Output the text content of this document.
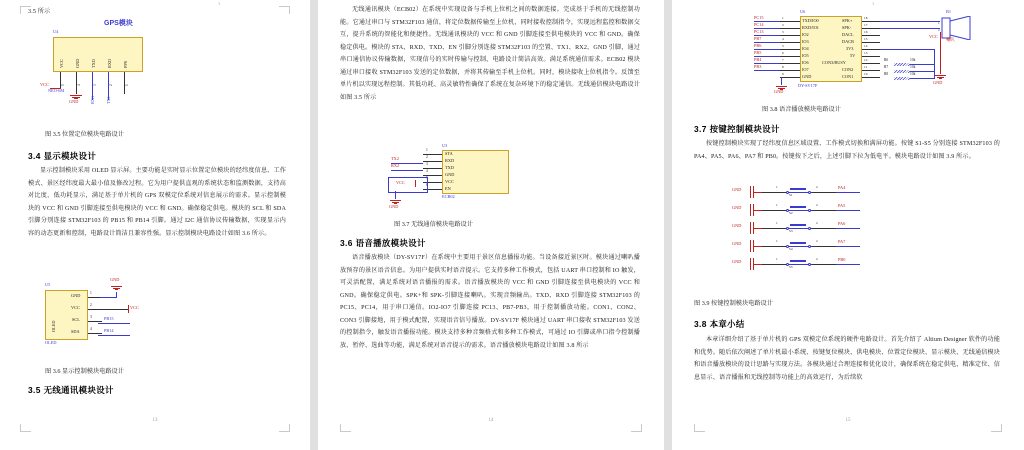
3

3.5 所示

GPS模块
U4
VCC	GND	TXD	RXD	PPS
5	4	3	2	1
VCC
NEO-6M
GND	RX1	TX1

图 3.5 位置定位模块电路设计

3.4 显示模块设计

显示控制模块采用 OLED 显示屏。主要功能是实时显示位置定位模块的经纬度信息、工作模式、景区经纬度最大最小值及修改过程。它为用户提供直观的系统状态和监测数据，支持高对比度、低功耗显示，满足基于单片机的 GPS 双模定位系统对信息展示的需求。显示控制模块的 VCC 和 GND 引脚连接至供电模块的 VCC 和 GND。确保稳定供电。模块的 SCL 和 SDA 引脚分别连接 STM32F103 的 PB15 和 PB14 引脚。通过 I2C 通信协议传输数据，实现显示内容的动态更新和控制，电路设计简洁且兼容性强。显示控制模块电路设计如图 3.6 所示。

U5
OLED
OLED
GND
VCC
SCL
SDA
1
2
3
4
GND
VCC
PB15
PB14

图 3.6 显示控制模块电路设计

3.5 无线通讯模块设计
13
3

无线通讯模块（ECB02）在系统中实现设备与手机上位机之间的数据连接。完成基于手机的无线控制功能。它通过串口与 STM32F103 通信，将定位数据传输至上位机，同时接收控制指令，实现远程监控和数据交互，提升系统的智能化和便捷性。无线通讯模块的 VCC 和 GND 引脚连接至供电模块的 VCC 和 GND。确保稳定供电。模块的 STA、RXD、TXD、EN 引脚分别连接 STM32F103 的空置、TX1、RX2、GND 引脚，通过串口通信协议传输数据，实现信号的实时传输与控制，电路设计简洁高效。满足系统通信需求。ECB02 模块通过串口接收 STM32F103 发送的定位数据，并将其传输至手机上位机。同时，模块接收上位机指令。反馈至单片机以实现远程控制。其低功耗、高灵敏特性确保了系统在复杂环境下的稳定通信。无线通信模块电路设计如图 3.5 所示

U3
ECB02
STA
RXD
TXD
GND
VCC
EN
1
2
3
4
5
6
TX2
RX2
VCC
GND

图 3.7 无线通信模块电路设计

3.6 语音播放模块设计

语音播放模块（DY-SV17F）在系统中主要用于景区信息播报功能。当设备接近景区时。模块通过喇叭播放预存的景区语音信息。为用户提供实时语音提示。它支持多种工作模式，包括 UART 串口控制和 IO 触发，可灵活配置，满足系统对语音播报的需求。语音播放模块的 VCC 和 GND 引脚连接至供电模块的 VCC 和 GND。确保稳定供电。SPK+和 SPK-引脚连接喇叭。实现音频输出。TXD、RXD 引脚连接 STM32F103 的 PC15、PC14，用于串口通信。IO2-IO7 引脚连接 PC13、PB7-PB3，用于控制播放功能。CON1、CON2、CON3 引脚接地，用于模式配置，实现语音信号播放。DY-SV17F 模块通过 UART 串口接收 STM32F103 发送的控制指令，触发语音播报功能。模块支持多种音频格式和多种工作模式，可通过 IO 引脚或串口指令控制播放、暂停、选曲等功能，满足系统对语音提示的需求。语音播放模块电路设计如图 3.8 所示

14
3
U6
DY-SV17F
TXD/IO0
RXD/IO1
IO2
IO3
IO4
IO5
IO6
IO7
GND
SPK+
SPK-
DACL
DACR
3V3
5V
CON3/BUSY
CON2
CON1
PC15
PC14
PC13
PB7
PB6
PB5
PB4
PB3
1
2
3
4
5
6
7
8
9
GND
18
17
16
15
14
13
12
11
10
R6	10k
R7	10k
R8	10k
VCC
GND
B1
1
2
喇叭

图 3.8 语音播放模块电路设计

3.7 按键控制模块设计

按键控制模块实现了经纬度信息区域设置、工作模式切换和满屏功能。按键 S1-S5 分别连接 STM32F103 的 PA4、PA5、PA6、PA7 和 PB0。按键按下之后，上述引脚下拉为低电平。模块电路设计如图 3.9 所示。

GND	1	2	PA4
S1
GND	1	2	PA5
S2
GND	1	2	PA6
S3
GND	1	2	PA7
S4
GND	1	2	PB0
S5

图 3.9 按键控制模块电路设计

3.8 本章小结

本章详细介绍了基于单片机的 GPS 双模定位系统的硬件电路设计。首先介绍了 Altium Designer 软件的功能和优势。随后依次阐述了单片机最小系统、按键复位模块、供电模块、位置定位模块、显示模块、无线通信模块和语音播放模块的设计思路与实现方法。各模块通过合理连接和优化设计，确保系统在稳定供电、精准定位、信息显示、语音播报和无线控制等功能上的高效运行，为后续软

15
